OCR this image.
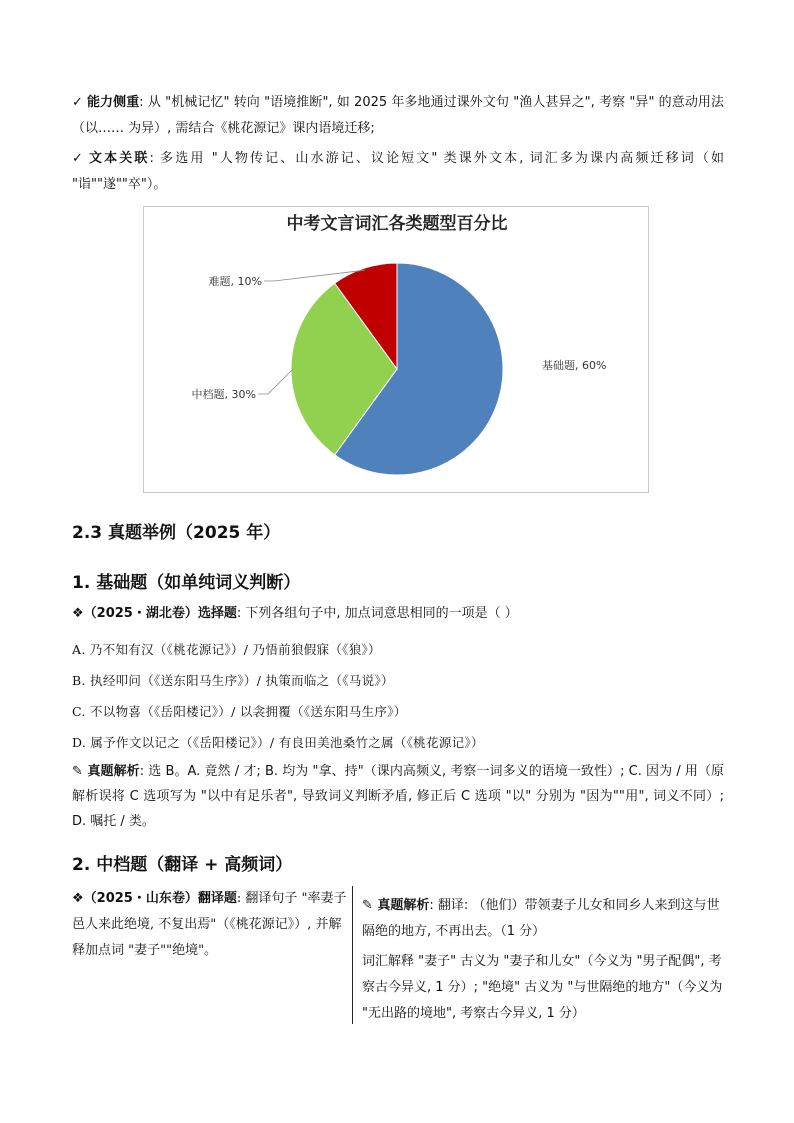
✓ 能力侧重: 从 "机械记忆" 转向 "语境推断", 如 2025 年多地通过课外文句 "渔人甚异之", 考察 "异" 的意动用法（以…… 为异）, 需结合《桃花源记》课内语境迁移;
✓ 文本关联: 多选用 "人物传记、山水游记、议论短文" 类课外文本, 词汇多为课内高频迁移词（如 "诣""遂""卒"）。
中考文言词汇各类题型百分比
基础题, 60%
中档题, 30%
难题, 10%
2.3 真题举例（2025 年）
1. 基础题（如单纯词义判断）
❖（2025・湖北卷）选择题: 下列各组句子中, 加点词意思相同的一项是（ ）
A. 乃不知有汉（《桃花源记》）/ 乃悟前狼假寐（《狼》）
B. 执经叩问（《送东阳马生序》）/ 执策而临之（《马说》）
C. 不以物喜（《岳阳楼记》）/ 以衾拥覆（《送东阳马生序》）
D. 属予作文以记之（《岳阳楼记》）/ 有良田美池桑竹之属（《桃花源记》）
✎ 真题解析: 选 B。A. 竟然 / 才; B. 均为 "拿、持"（课内高频义, 考察一词多义的语境一致性）; C. 因为 / 用（原解析误将 C 选项写为 "以中有足乐者", 导致词义判断矛盾, 修正后 C 选项 "以" 分别为 "因为""用", 词义不同）; D. 嘱托 / 类。
2. 中档题（翻译 + 高频词）
❖（2025・山东卷）翻译题: 翻译句子 "率妻子邑人来此绝境, 不复出焉"（《桃花源记》）, 并解释加点词 "妻子""绝境"。

✎ 真题解析: 翻译: （他们）带领妻子儿女和同乡人来到这与世隔绝的地方, 不再出去。（1 分）

词汇解释 "妻子" 古义为 "妻子和儿女"（今义为 "男子配偶", 考察古今异义, 1 分）; "绝境" 古义为 "与世隔绝的地方"（今义为 "无出路的境地", 考察古今异义, 1 分）
